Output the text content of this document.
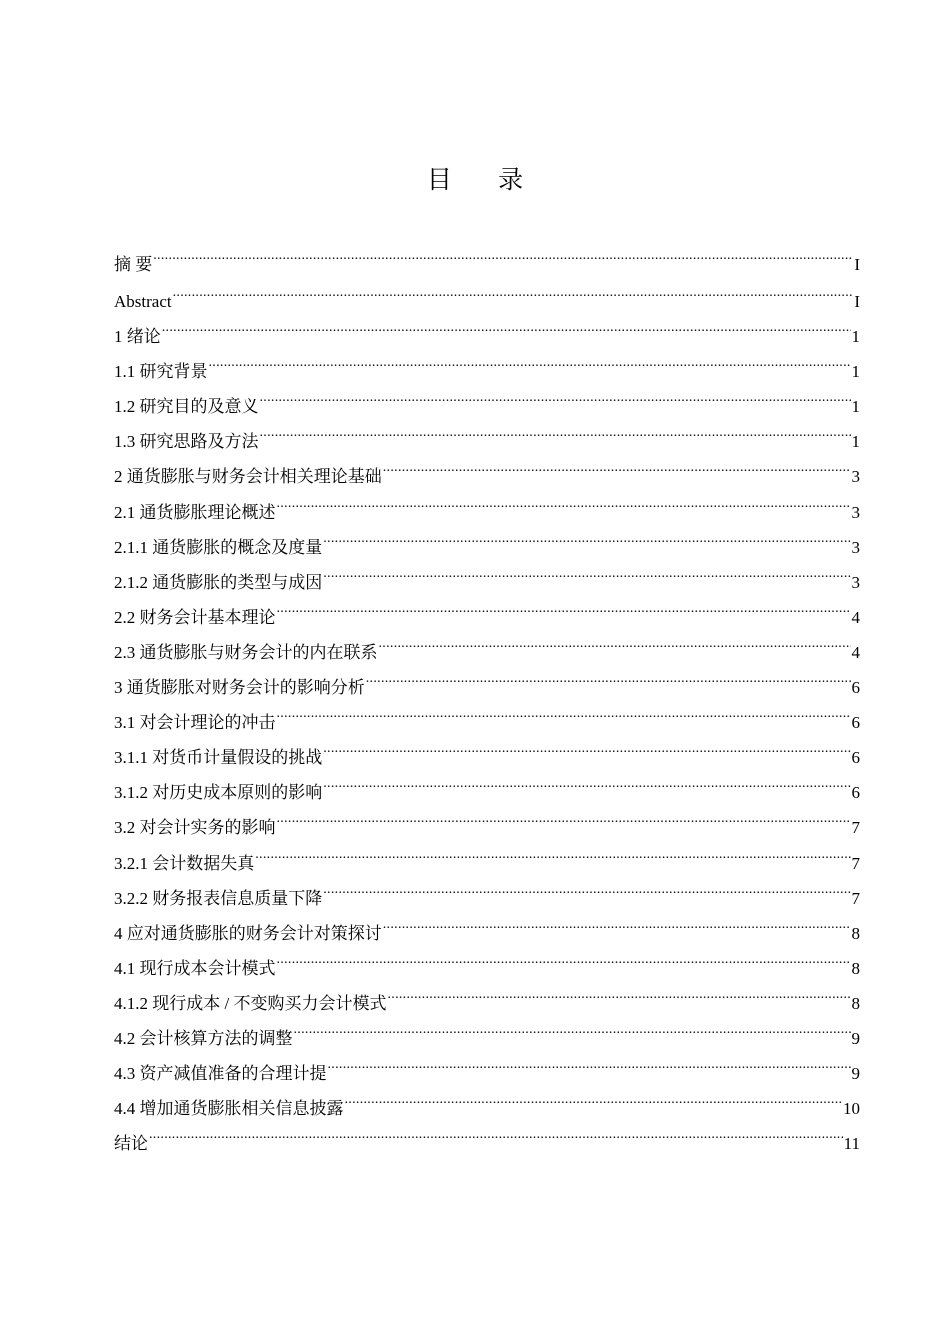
目 录
摘 要 .....	I
Abstract .....	I
1 绪论 .....	1
1.1 研究背景 .....	1
1.2 研究目的及意义 .....	1
1.3 研究思路及方法 .....	1
2 通货膨胀与财务会计相关理论基础 .....	3
2.1 通货膨胀理论概述 .....	3
2.1.1 通货膨胀的概念及度量 .....	3
2.1.2 通货膨胀的类型与成因 .....	3
2.2 财务会计基本理论 .....	4
2.3 通货膨胀与财务会计的内在联系 .....	4
3 通货膨胀对财务会计的影响分析 .....	6
3.1 对会计理论的冲击 .....	6
3.1.1 对货币计量假设的挑战 .....	6
3.1.2 对历史成本原则的影响 .....	6
3.2 对会计实务的影响 .....	7
3.2.1 会计数据失真 .....	7
3.2.2 财务报表信息质量下降 .....	7
4 应对通货膨胀的财务会计对策探讨 .....	8
4.1 现行成本会计模式 .....	8
4.1.2 现行成本 / 不变购买力会计模式 .....	8
4.2 会计核算方法的调整 .....	9
4.3 资产减值准备的合理计提 .....	9
4.4 增加通货膨胀相关信息披露 .....	10
结论 .....	11
